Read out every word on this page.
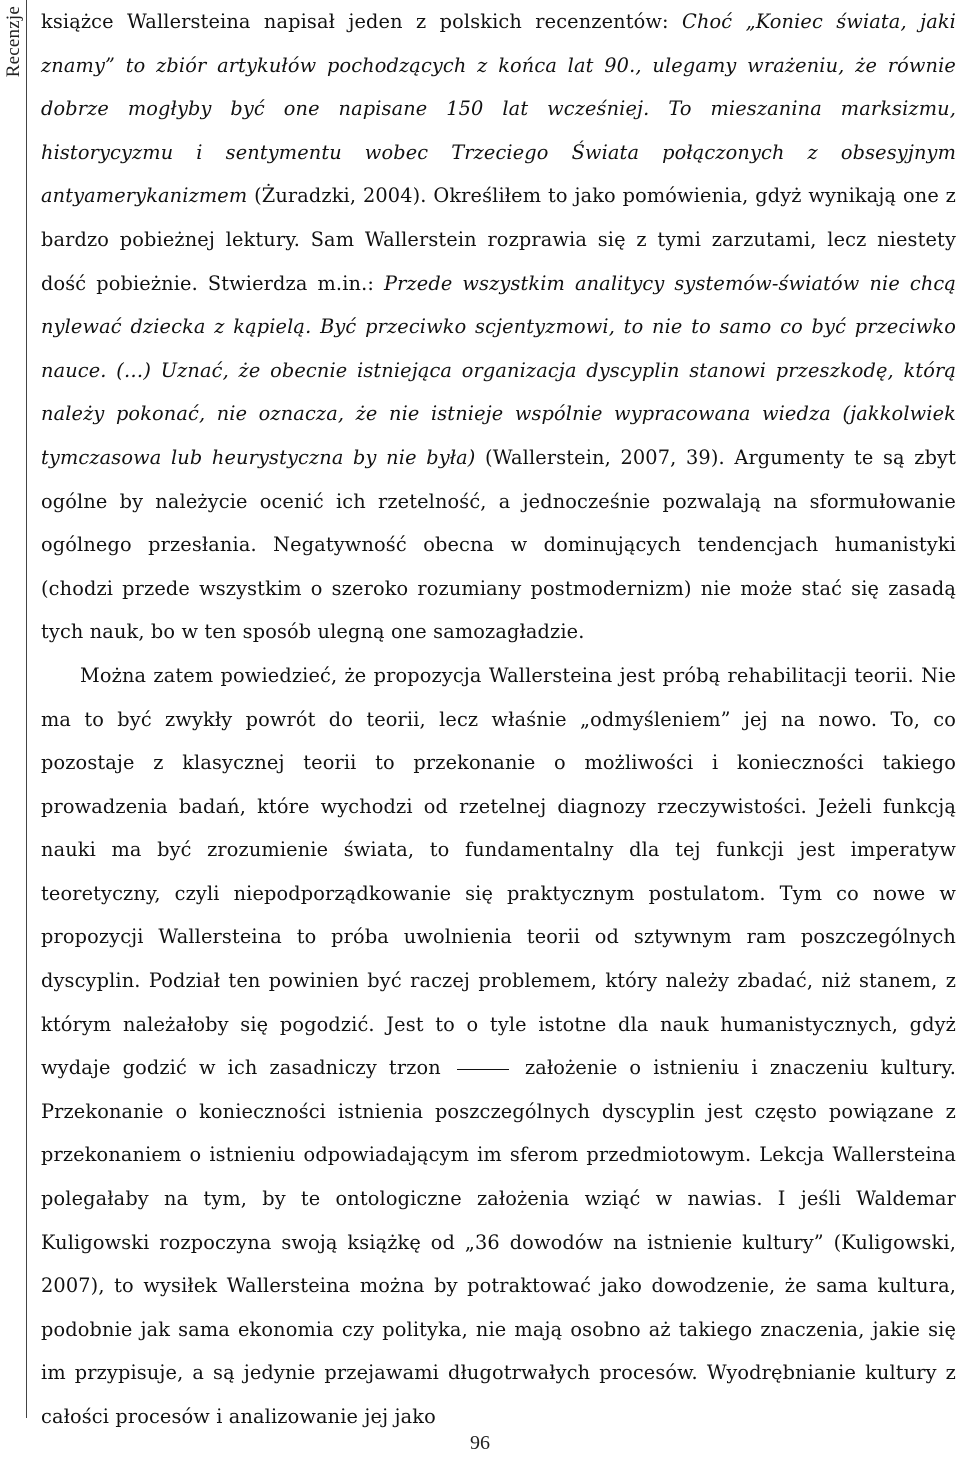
Recenzje książce Wallersteina napisał jeden z polskich recenzentów: Choć „Koniec świata, jaki znamy” to zbiór artykułów pochodzących z końca lat 90., ulegamy wrażeniu, że równie dobrze mogłyby być one napisane 150 lat wcześniej. To mieszanina marksizmu, historycyzmu i sentymentu wobec Trzeciego Świata połączonych z obsesyjnym antyamerykanizmem (Żuradzki, 2004). Określiłem to jako pomówienia, gdyż wynikają one z bardzo pobieżnej lektury. Sam Wallerstein rozprawia się z tymi zarzutami, lecz niestety dość pobieżnie. Stwierdza m.in.: Przede wszystkim analitycy systemów-światów nie chcą nylewać dziecka z kąpielą. Być przeciwko scjentyzmowi, to nie to samo co być przeciwko nauce. (…) Uznać, że obecnie istniejąca organizacja dyscyplin stanowi przeszkodę, którą należy pokonać, nie oznacza, że nie istnieje wspólnie wypracowana wiedza (jakkolwiek tymczasowa lub heurystyczna by nie była) (Wallerstein, 2007, 39). Argumenty te są zbyt ogólne by należycie ocenić ich rzetelność, a jednocześnie pozwalają na sformułowanie ogólnego przesłania. Negatywność obecna w dominujących tendencjach humanistyki (chodzi przede wszystkim o szeroko rozumiany postmodernizm) nie może stać się zasadą tych nauk, bo w ten sposób ulegną one samozagładzie.

Można zatem powiedzieć, że propozycja Wallersteina jest próbą rehabilitacji teorii. Nie ma to być zwykły powrót do teorii, lecz właśnie „odmyśleniem” jej na nowo. To, co pozostaje z klasycznej teorii to przekonanie o możliwości i konieczności takiego prowadzenia badań, które wychodzi od rzetelnej diagnozy rzeczywistości. Jeżeli funkcją nauki ma być zrozumienie świata, to fundamentalny dla tej funkcji jest imperatyw teoretyczny, czyli niepodporządkowanie się praktycznym postulatom. Tym co nowe w propozycji Wallersteina to próba uwolnienia teorii od sztywnym ram poszczególnych dyscyplin. Podział ten powinien być raczej problemem, który należy zbadać, niż stanem, z którym należałoby się pogodzić. Jest to o tyle istotne dla nauk humanistycznych, gdyż wydaje godzić w ich zasadniczy trzon	założenie o istnieniu i znaczeniu kultury. Przekonanie o konieczności istnienia poszczególnych dyscyplin jest często powiązane z przekonaniem o istnieniu odpowiadającym im sferom przedmiotowym. Lekcja Wallersteina polegałaby na tym, by te ontologiczne założenia wziąć w nawias. I jeśli Waldemar Kuligowski rozpoczyna swoją książkę od „36 dowodów na istnienie kultury” (Kuligowski, 2007), to wysiłek Wallersteina można by potraktować jako dowodzenie, że sama kultura, podobnie jak sama ekonomia czy polityka, nie mają osobno aż takiego znaczenia, jakie się im przypisuje, a są jedynie przejawami długotrwałych procesów. Wyodrębnianie kultury z całości procesów i analizowanie jej jako

96
